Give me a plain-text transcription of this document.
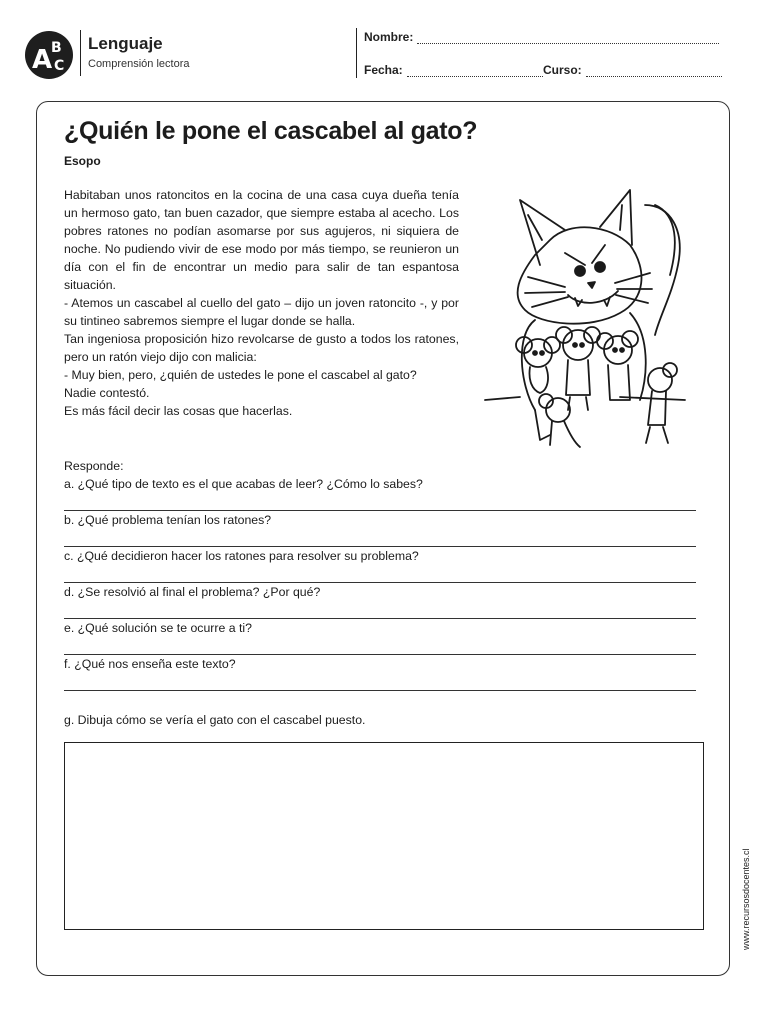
A
B
C
Lenguaje
Comprensión lectora
Nombre:
Fecha:	Curso:
¿Quién le pone el cascabel al gato?
Esopo

Habitaban unos ratoncitos en la cocina de una casa cuya dueña tenía un hermoso gato, tan buen cazador, que siempre estaba al acecho. Los pobres ratones no podían asomarse por sus agujeros, ni siquiera de noche. No pudiendo vivir de ese modo por más tiempo, se reunieron un día con el fin de encontrar un medio para salir de tan espantosa situación.

- Atemos un cascabel al cuello del gato – dijo un joven ratoncito -, y por su tintineo sabremos siempre el lugar donde se halla.

Tan ingeniosa proposición hizo revolcarse de gusto a todos los ratones, pero un ratón viejo dijo con malicia:

- Muy bien, pero, ¿quién de ustedes le pone el cascabel al gato?

Nadie contestó.

Es más fácil decir las cosas que hacerlas.

Responde:
a. ¿Qué tipo de texto es el que acabas de leer? ¿Cómo lo sabes?
b. ¿Qué problema tenían los ratones?
c. ¿Qué decidieron hacer los ratones para resolver su problema?
d. ¿Se resolvió al final el problema? ¿Por qué?
e. ¿Qué solución se te ocurre a ti?
f. ¿Qué nos enseña este texto?
g. Dibuja cómo se vería el gato con el cascabel puesto.
www.recursosdocentes.cl
